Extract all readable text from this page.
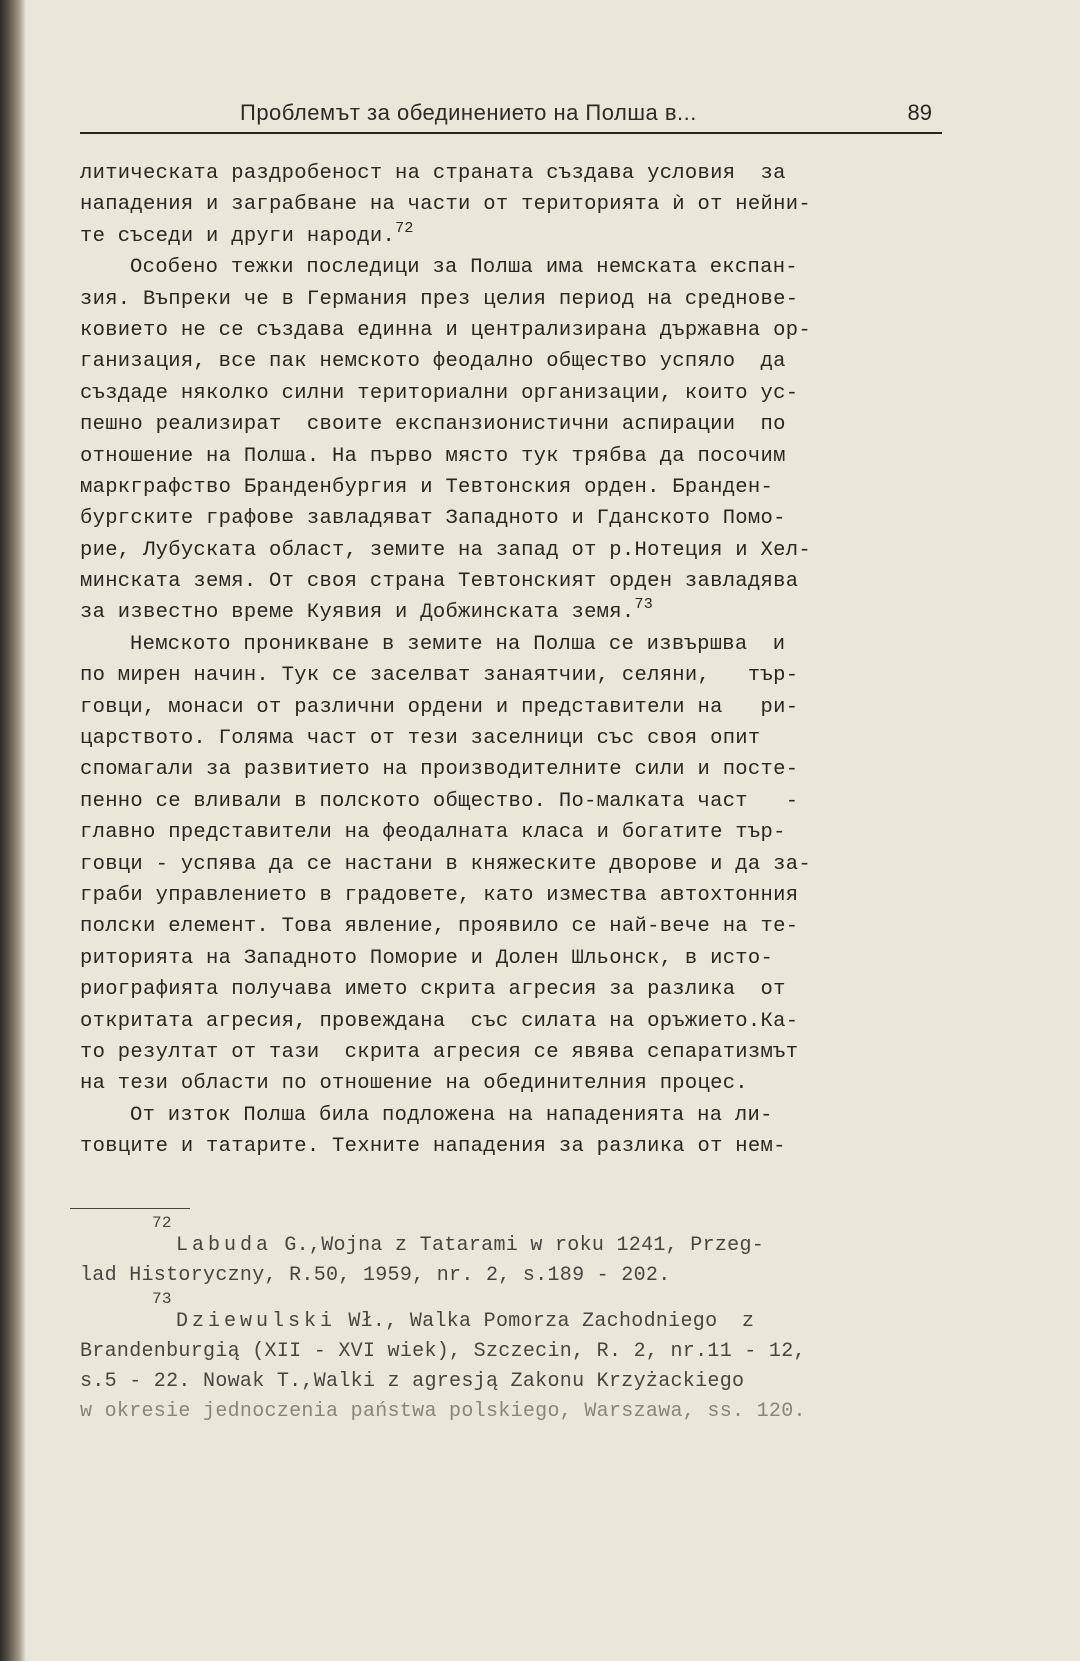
Проблемът за обединението на Полша в...	89
литическата раздробеност на страната създава условия  за
нападения и заграбване на части от територията ѝ от нейни-
те съседи и други народи.$^{72}$
Особено тежки последици за Полша има немската експан-
зия. Въпреки че в Германия през целия период на среднове-
ковието не се създава единна и централизирана държавна ор-
ганизация, все пак немското феодално общество успяло  да
създаде няколко силни териториални организации, които ус-
пешно реализират  своите експанзионистични аспирации  по
отношение на Полша. На първо място тук трябва да посочим
маркграфство Бранденбургия и Тевтонския орден. Бранден-
бургските графове завладяват Западното и Гданското Помо-
рие, Лубуската област, земите на запад от р.Нотеция и Хел-
минската земя. От своя страна Тевтонският орден завладява
за известно време Куявия и Добжинската земя.$^{73}$
Немското проникване в земите на Полша се извършва  и
по мирен начин. Тук се заселват занаятчии, селяни,   тър-
говци, монаси от различни ордени и представители на   ри-
царството. Голяма част от тези заселници със своя опит
спомагали за развитието на производителните сили и посте-
пенно се вливали в полското общество. По-малката част   -
главно представители на феодалната класа и богатите тър-
говци - успява да се настани в княжеските дворове и да за-
граби управлението в градовете, като измества автохтонния
полски елемент. Това явление, проявило се най-вече на те-
риторията на Западното Поморие и Долен Шльонск, в исто-
риографията получава името скрита агресия за разлика  от
откритата агресия, провеждана  със силата на оръжието.Ка-
то резултат от тази  скрита агресия се явява сепаратизмът
на тези области по отношение на обединителния процес.
От изток Полша била подложена на нападенията на ли-
товците и татарите. Техните нападения за разлика от нем-
72
Labuda G.,Wojna z Tatarami w roku 1241, Przeg-
lad Historyczny, R.50, 1959, nr. 2, s.189 - 202.
73
Dziewulski Wł., Walka Pomorza Zachodniego  z
Brandenburgią (XII - XVI wiek), Szczecin, R. 2, nr.11 - 12,
s.5 - 22. Nowak T.,Walki z agresją Zakonu Krzyżackiego
w okresie jednoczenia państwa polskiego, Warszawa, ss. 120.
